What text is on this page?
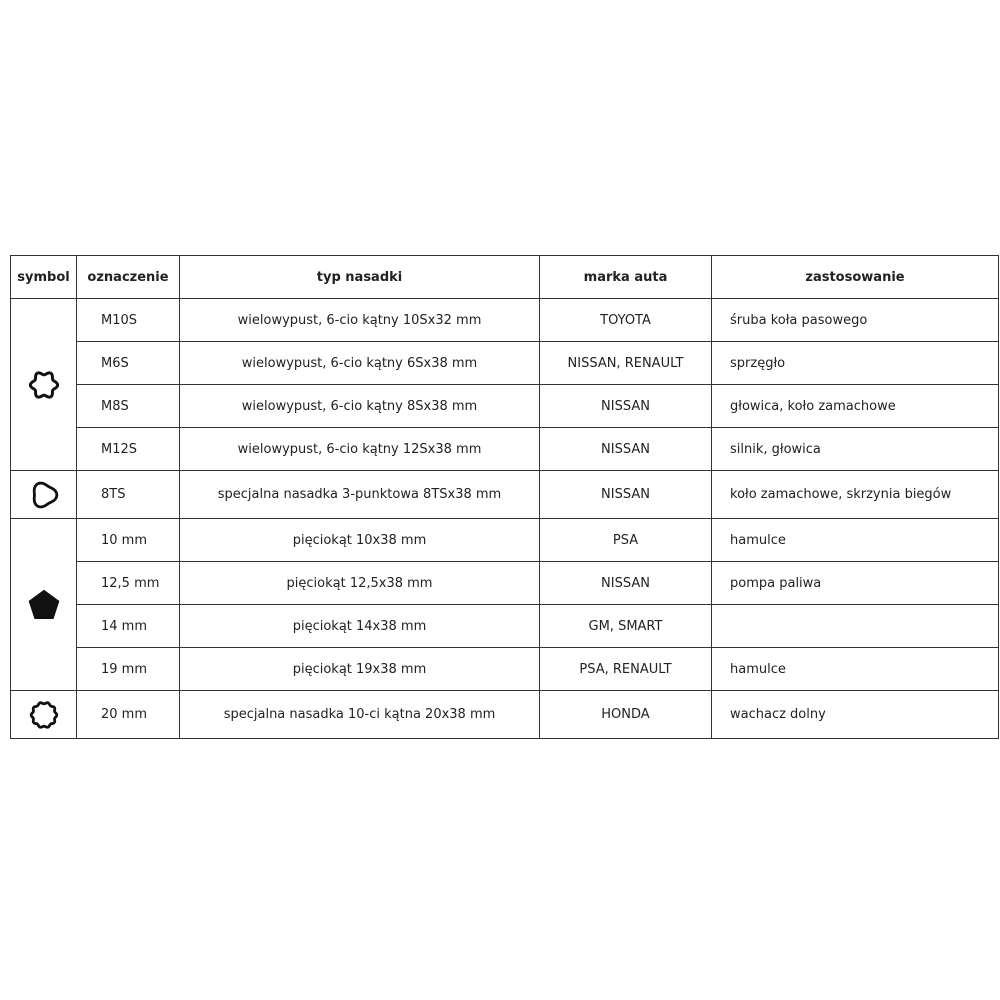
symbol	oznaczenie	typ nasadki	marka auta	zastosowanie

	M10S	wielowypust, 6-cio kątny 10Sx32 mm	TOYOTA	śruba koła pasowego
	M6S	wielowypust, 6-cio kątny 6Sx38 mm	NISSAN, RENAULT	sprzęgło
	M8S	wielowypust, 6-cio kątny 8Sx38 mm	NISSAN	głowica, koło zamachowe
	M12S	wielowypust, 6-cio kątny 12Sx38 mm	NISSAN	silnik, głowica

	8TS	specjalna nasadka 3-punktowa 8TSx38 mm	NISSAN	koło zamachowe, skrzynia biegów

	10 mm	pięciokąt 10x38 mm	PSA	hamulce
	12,5 mm	pięciokąt 12,5x38 mm	NISSAN	pompa paliwa
	14 mm	pięciokąt 14x38 mm	GM, SMART	
	19 mm	pięciokąt 19x38 mm	PSA, RENAULT	hamulce

	20 mm	specjalna nasadka 10-ci kątna 20x38 mm	HONDA	wachacz dolny
